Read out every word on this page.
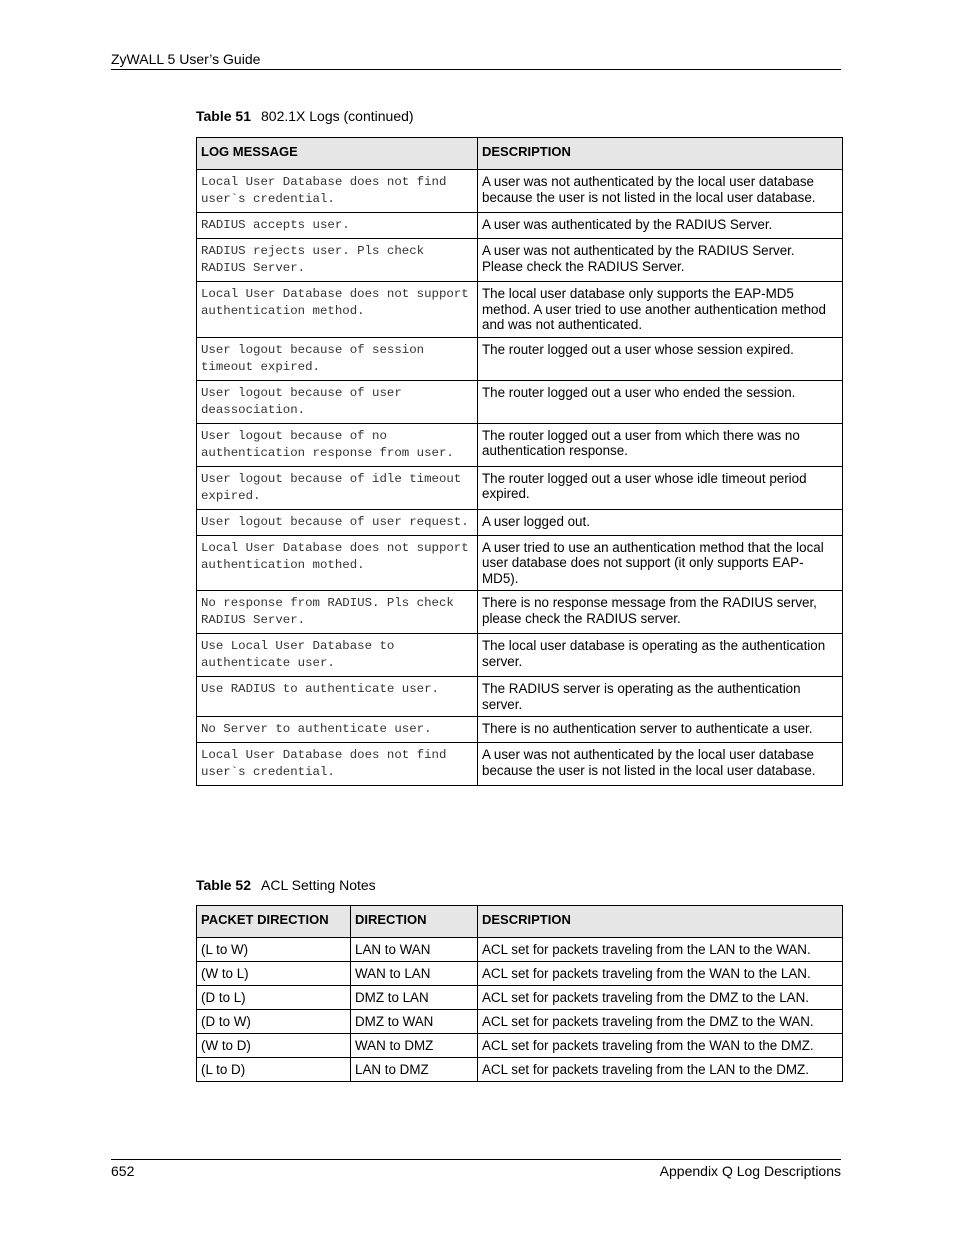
ZyWALL 5 User’s Guide
Table 51 802.1X Logs (continued)
LOG MESSAGE	DESCRIPTION
Local User Database does not find user`s credential.	A user was not authenticated by the local user database because the user is not listed in the local user database.
RADIUS accepts user.	A user was authenticated by the RADIUS Server.
RADIUS rejects user. Pls check RADIUS Server.	A user was not authenticated by the RADIUS Server. Please check the RADIUS Server.
Local User Database does not support authentication method.	The local user database only supports the EAP-MD5 method. A user tried to use another authentication method and was not authenticated.
User logout because of session timeout expired.	The router logged out a user whose session expired.
User logout because of user deassociation.	The router logged out a user who ended the session.
User logout because of no authentication response from user.	The router logged out a user from which there was no authentication response.
User logout because of idle timeout expired.	The router logged out a user whose idle timeout period expired.
User logout because of user request.	A user logged out.
Local User Database does not support authentication mothed.	A user tried to use an authentication method that the local user database does not support (it only supports EAP-MD5).
No response from RADIUS. Pls check RADIUS Server.	There is no response message from the RADIUS server, please check the RADIUS server.
Use Local User Database to authenticate user.	The local user database is operating as the authentication server.
Use RADIUS to authenticate user.	The RADIUS server is operating as the authentication server.
No Server to authenticate user.	There is no authentication server to authenticate a user.
Local User Database does not find user`s credential.	A user was not authenticated by the local user database because the user is not listed in the local user database.
Table 52 ACL Setting Notes
PACKET DIRECTION	DIRECTION	DESCRIPTION
(L to W)	LAN to WAN	ACL set for packets traveling from the LAN to the WAN.
(W to L)	WAN to LAN	ACL set for packets traveling from the WAN to the LAN.
(D to L)	DMZ to LAN	ACL set for packets traveling from the DMZ to the LAN.
(D to W)	DMZ to WAN	ACL set for packets traveling from the DMZ to the WAN.
(W to D)	WAN to DMZ	ACL set for packets traveling from the WAN to the DMZ.
(L to D)	LAN to DMZ	ACL set for packets traveling from the LAN to the DMZ.
652	Appendix Q Log Descriptions
